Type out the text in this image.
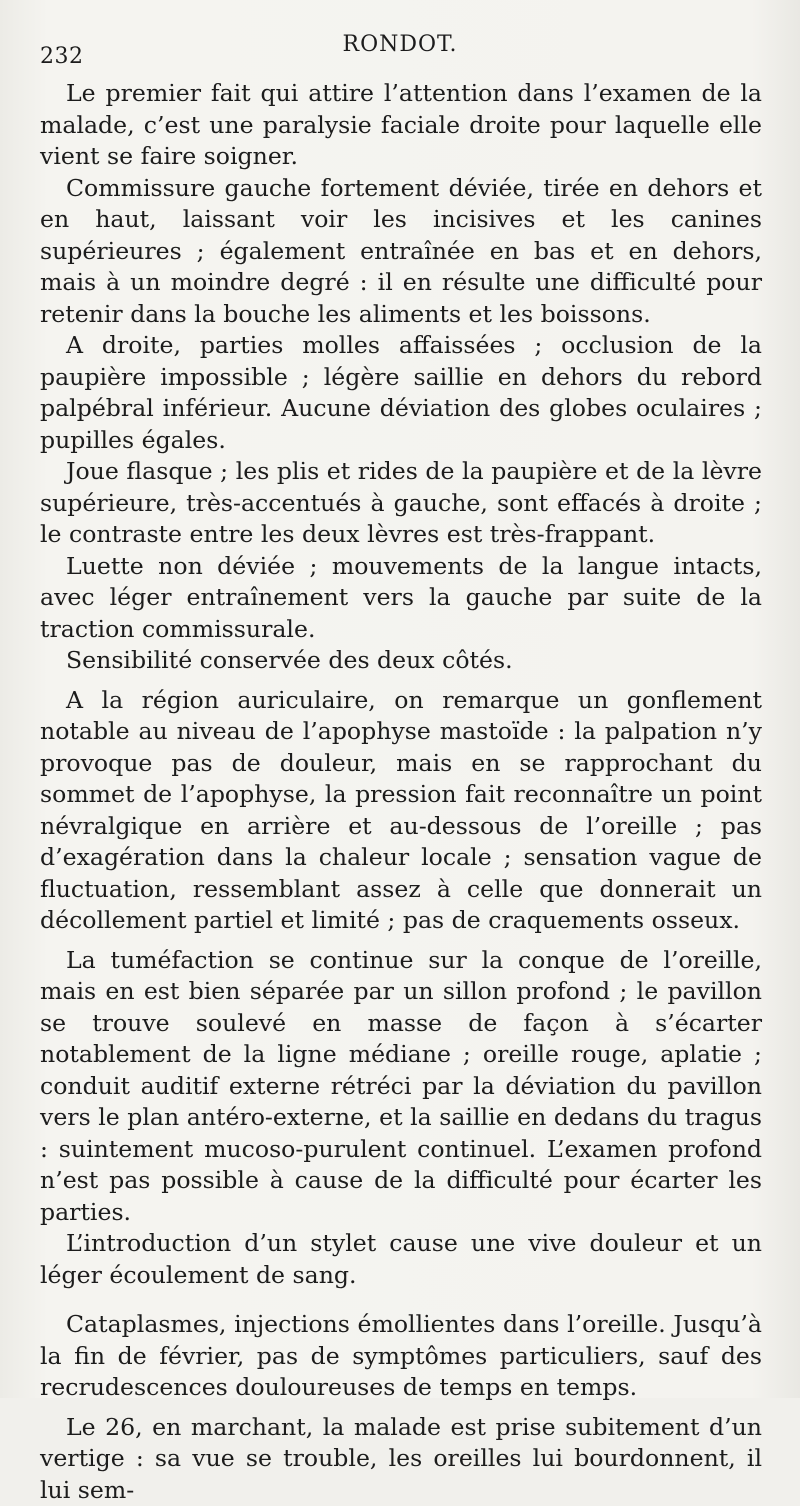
232	RONDOT.

Le premier fait qui attire l’attention dans l’examen de la malade, c’est une paralysie faciale droite pour laquelle elle vient se faire soigner.

Commissure gauche fortement déviée, tirée en dehors et en haut, laissant voir les incisives et les canines supérieures ; également entraînée en bas et en dehors, mais à un moindre degré : il en résulte une difficulté pour retenir dans la bouche les aliments et les boissons.

A droite, parties molles affaissées ; occlusion de la paupière impossible ; légère saillie en dehors du rebord palpébral inférieur. Aucune déviation des globes oculaires ; pupilles égales.

Joue flasque ; les plis et rides de la paupière et de la lèvre supérieure, très-accentués à gauche, sont effacés à droite ; le contraste entre les deux lèvres est très-frappant.

Luette non déviée ; mouvements de la langue intacts, avec léger entraînement vers la gauche par suite de la traction commissurale.

Sensibilité conservée des deux côtés.

A la région auriculaire, on remarque un gonflement notable au niveau de l’apophyse mastoïde : la palpation n’y provoque pas de douleur, mais en se rapprochant du sommet de l’apophyse, la pression fait reconnaître un point névralgique en arrière et au-dessous de l’oreille ; pas d’exagération dans la chaleur locale ; sensation vague de fluctuation, ressemblant assez à celle que donnerait un décollement partiel et limité ; pas de craquements osseux.

La tuméfaction se continue sur la conque de l’oreille, mais en est bien séparée par un sillon profond ; le pavillon se trouve soulevé en masse de façon à s’écarter notablement de la ligne médiane ; oreille rouge, aplatie ; conduit auditif externe rétréci par la déviation du pavillon vers le plan antéro-externe, et la saillie en dedans du tragus : suintement mucoso-purulent continuel. L’examen profond n’est pas possible à cause de la difficulté pour écarter les parties.

L’introduction d’un stylet cause une vive douleur et un léger écoulement de sang.

Cataplasmes, injections émollientes dans l’oreille. Jusqu’à la fin de février, pas de symptômes particuliers, sauf des recrudescences douloureuses de temps en temps.

Le 26, en marchant, la malade est prise subitement d’un vertige : sa vue se trouble, les oreilles lui bourdonnent, il lui sem-
